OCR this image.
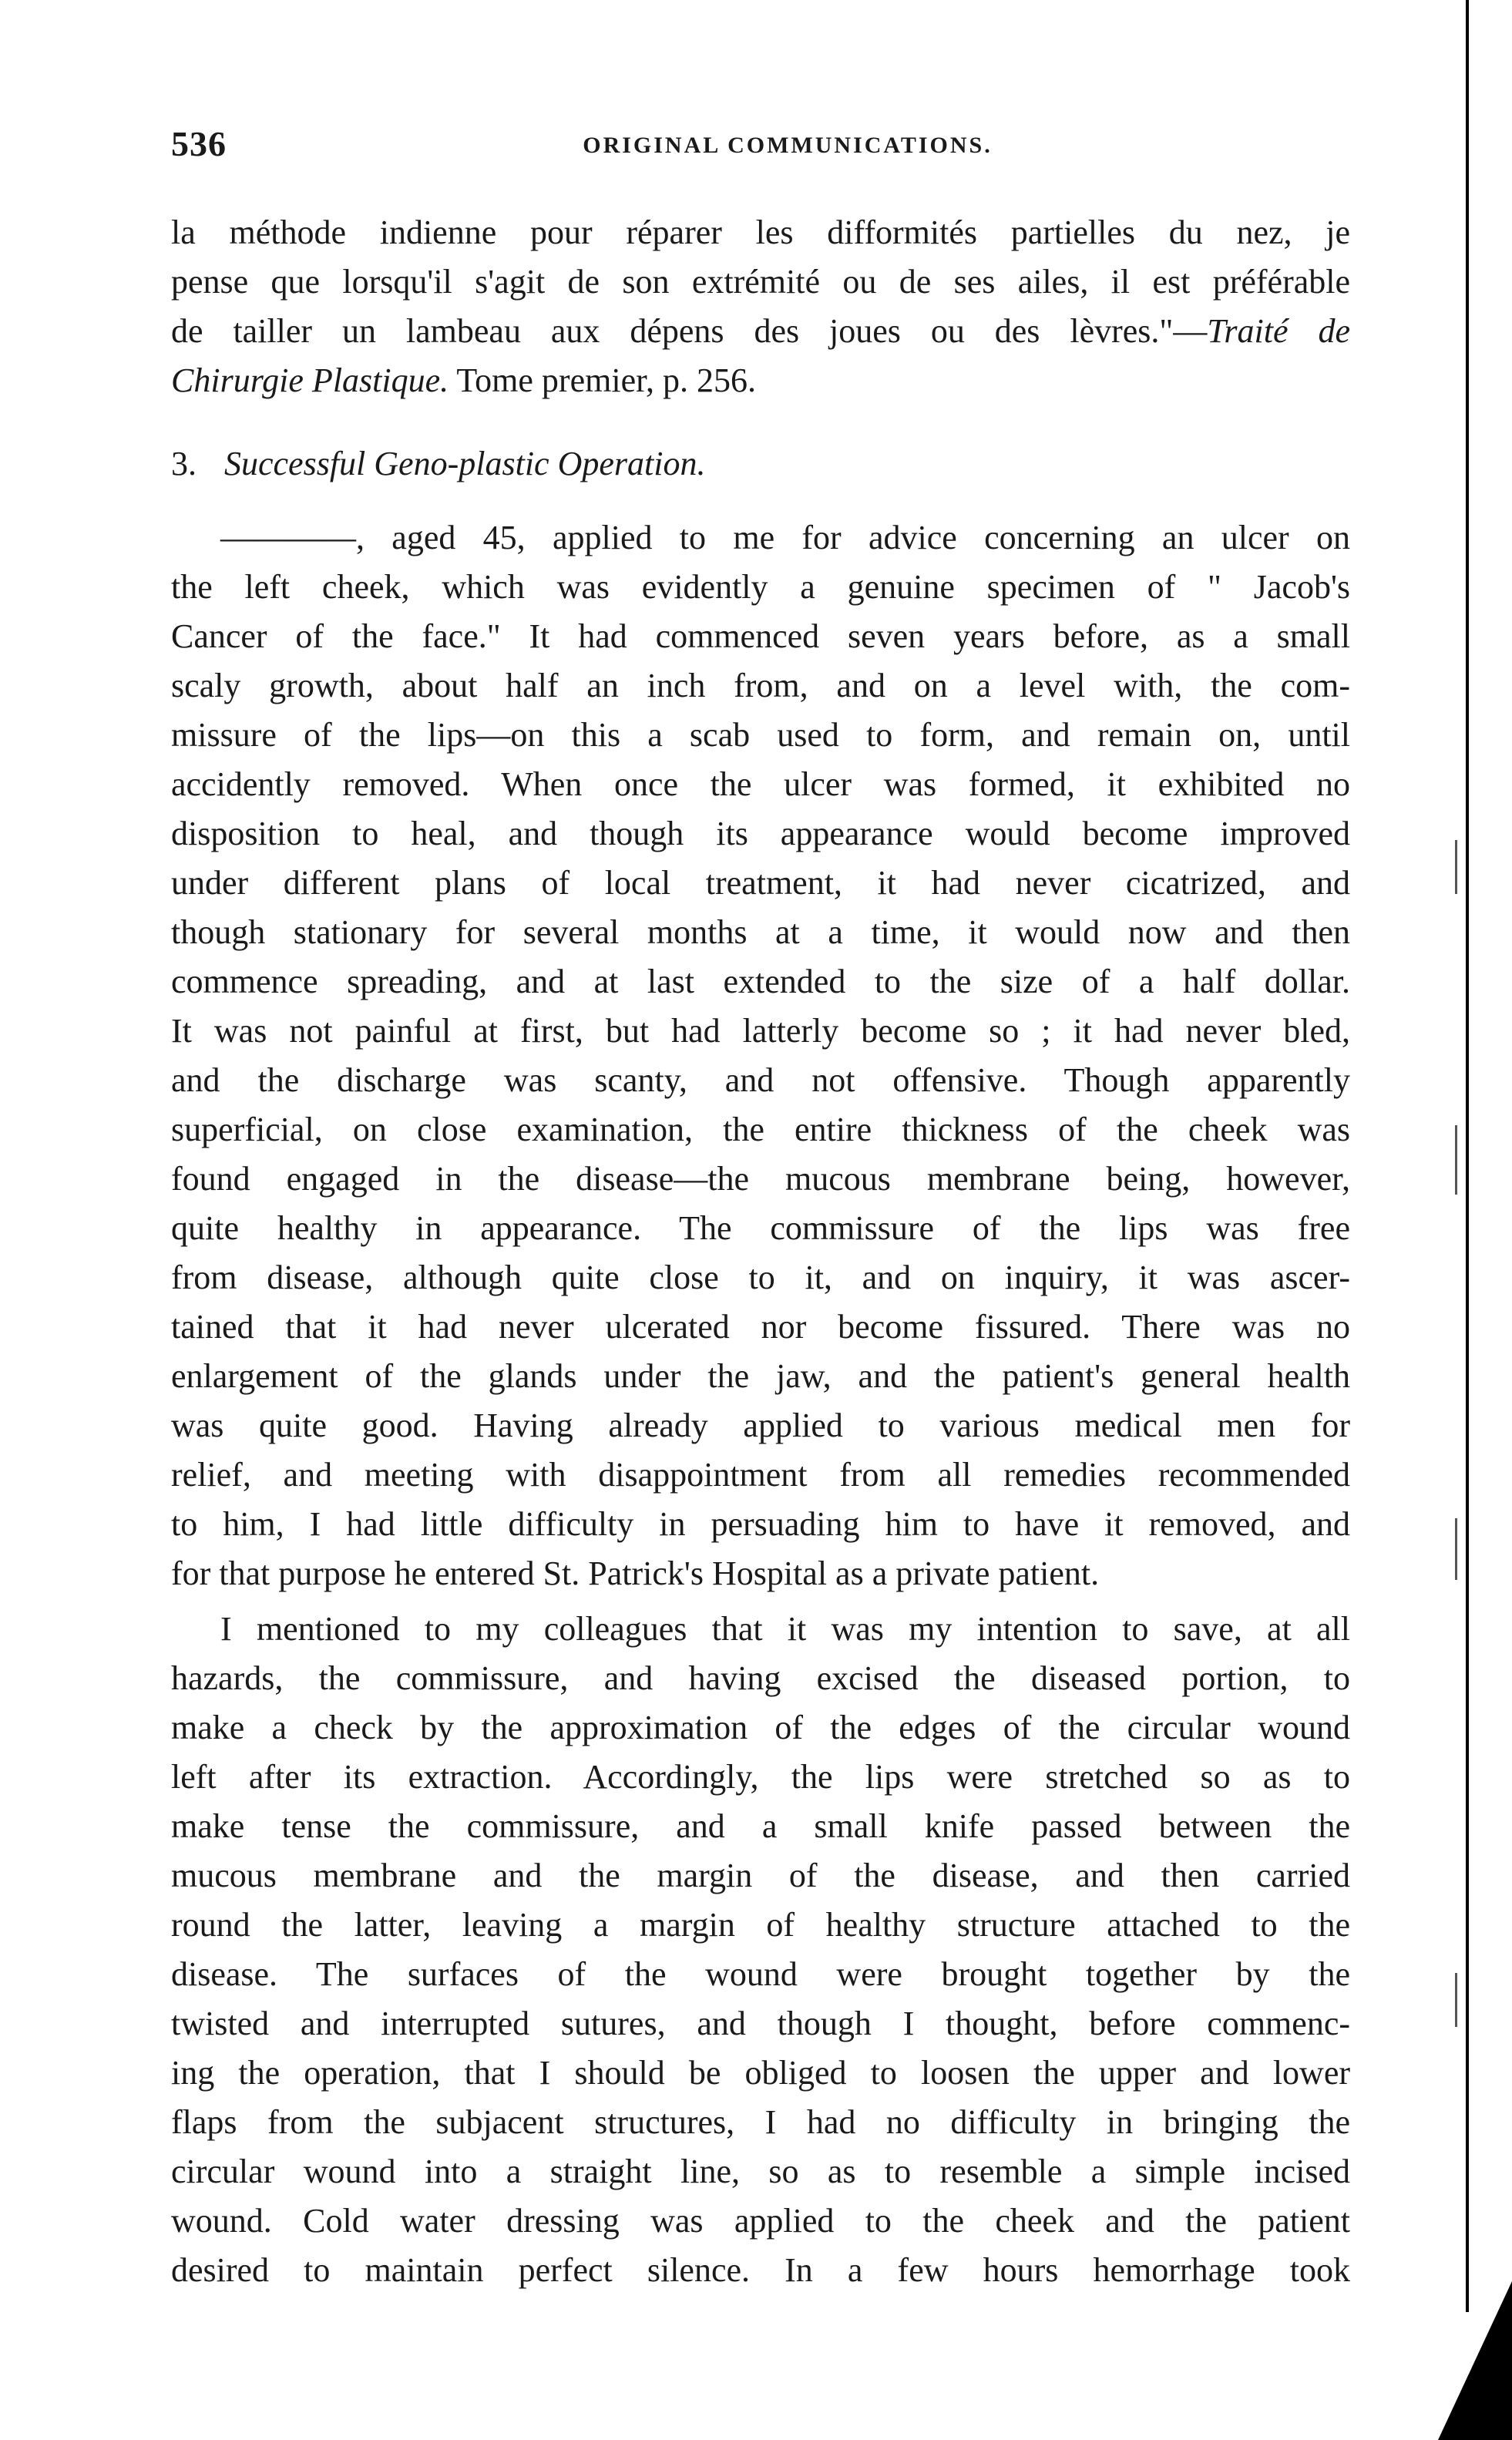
536	ORIGINAL COMMUNICATIONS.
la méthode indienne pour réparer les difformités partielles du nez, je
pense que lorsqu'il s'agit de son extrémité ou de ses ailes, il est préférable
de tailler un lambeau aux dépens des joues ou des lèvres."—Traité de
Chirurgie Plastique. Tome premier, p. 256.
3. Successful Geno-plastic Operation.
————, aged 45, applied to me for advice concerning an ulcer on
the left cheek, which was evidently a genuine specimen of " Jacob's
Cancer of the face." It had commenced seven years before, as a small
scaly growth, about half an inch from, and on a level with, the com-
missure of the lips—on this a scab used to form, and remain on, until
accidently removed. When once the ulcer was formed, it exhibited no
disposition to heal, and though its appearance would become improved
under different plans of local treatment, it had never cicatrized, and
though stationary for several months at a time, it would now and then
commence spreading, and at last extended to the size of a half dollar.
It was not painful at first, but had latterly become so ; it had never bled,
and the discharge was scanty, and not offensive. Though apparently
superficial, on close examination, the entire thickness of the cheek was
found engaged in the disease—the mucous membrane being, however,
quite healthy in appearance. The commissure of the lips was free
from disease, although quite close to it, and on inquiry, it was ascer-
tained that it had never ulcerated nor become fissured. There was no
enlargement of the glands under the jaw, and the patient's general health
was quite good. Having already applied to various medical men for
relief, and meeting with disappointment from all remedies recommended
to him, I had little difficulty in persuading him to have it removed, and
for that purpose he entered St. Patrick's Hospital as a private patient.
I mentioned to my colleagues that it was my intention to save, at all
hazards, the commissure, and having excised the diseased portion, to
make a check by the approximation of the edges of the circular wound
left after its extraction. Accordingly, the lips were stretched so as to
make tense the commissure, and a small knife passed between the
mucous membrane and the margin of the disease, and then carried
round the latter, leaving a margin of healthy structure attached to the
disease. The surfaces of the wound were brought together by the
twisted and interrupted sutures, and though I thought, before commenc-
ing the operation, that I should be obliged to loosen the upper and lower
flaps from the subjacent structures, I had no difficulty in bringing the
circular wound into a straight line, so as to resemble a simple incised
wound. Cold water dressing was applied to the cheek and the patient
desired to maintain perfect silence. In a few hours hemorrhage took
